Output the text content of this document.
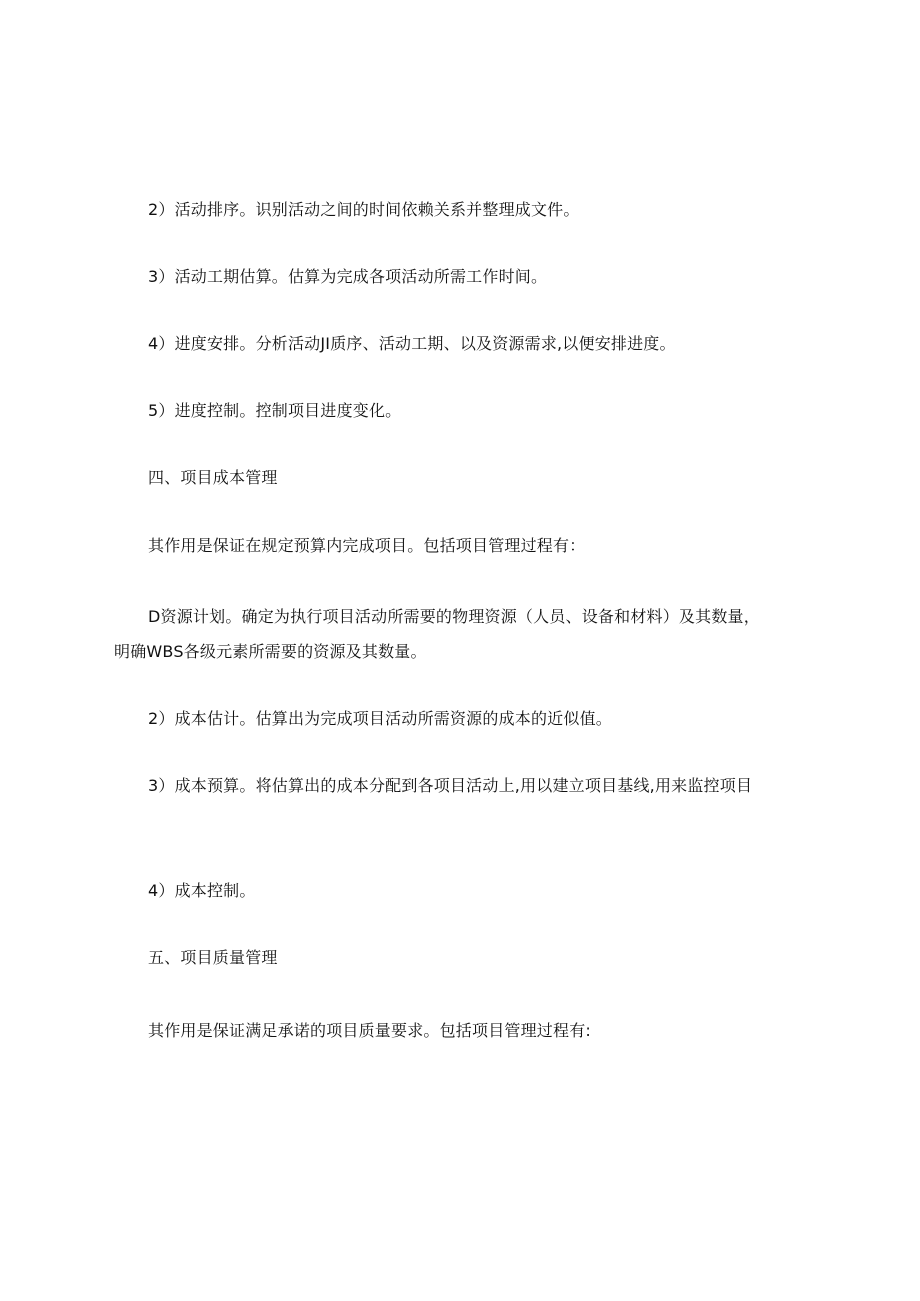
2）活动排序。识别活动之间的时间依赖关系并整理成文件。
3）活动工期估算。估算为完成各项活动所需工作时间。
4）进度安排。分析活动JI质序、活动工期、以及资源需求,以便安排进度。
5）进度控制。控制项目进度变化。
四、项目成本管理
其作用是保证在规定预算内完成项目。包括项目管理过程有：
D资源计划。确定为执行项目活动所需要的物理资源（人员、设备和材料）及其数量，
明确WBS各级元素所需要的资源及其数量。
2）成本估计。估算出为完成项目活动所需资源的成本的近似值。
3）成本预算。将估算出的成本分配到各项目活动上,用以建立项目基线,用来监控项目
4）成本控制。
五、项目质量管理
其作用是保证满足承诺的项目质量要求。包括项目管理过程有:
